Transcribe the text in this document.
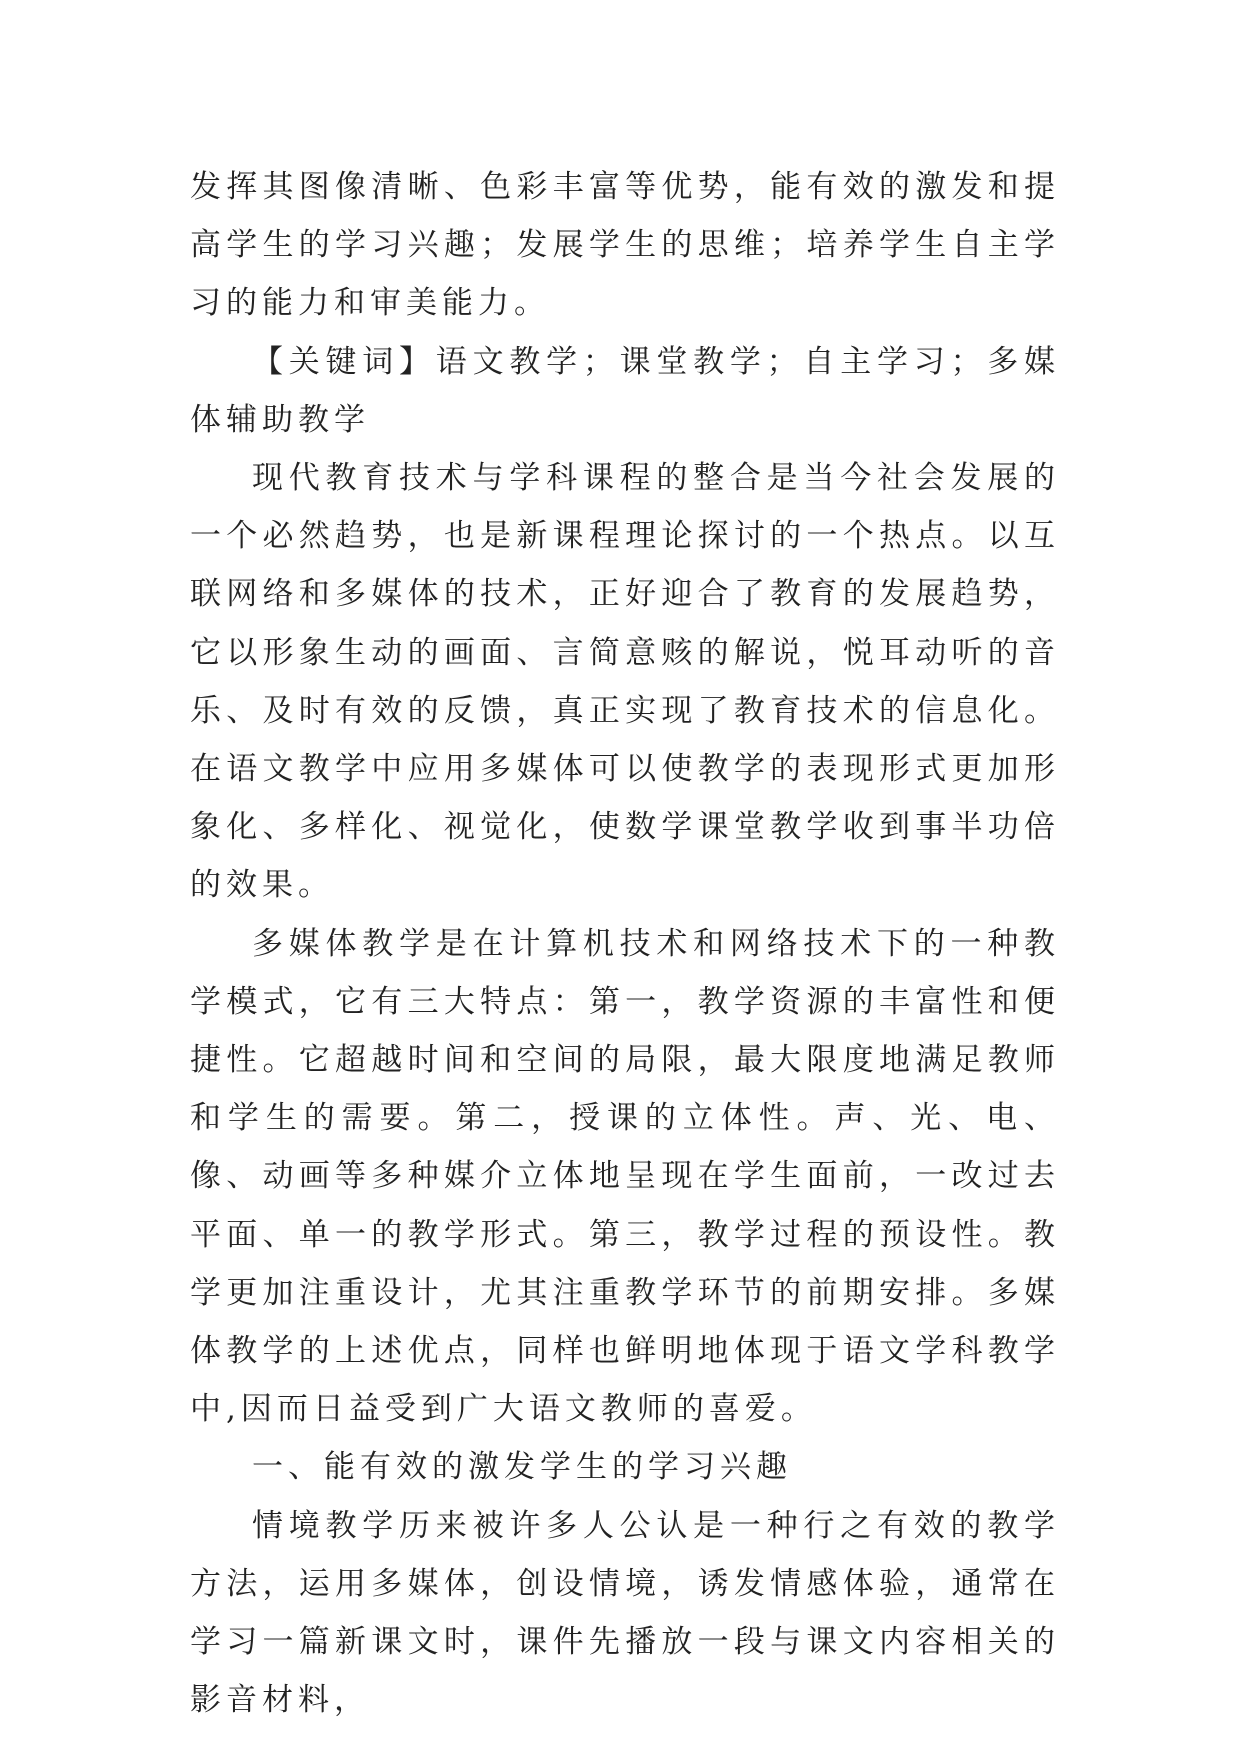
发挥其图像清晰、色彩丰富等优势，能有效的激发和提高学生的学习兴趣；发展学生的思维；培养学生自主学习的能力和审美能力。

【关键词】语文教学；课堂教学；自主学习；多媒体辅助教学

现代教育技术与学科课程的整合是当今社会发展的一个必然趋势，也是新课程理论探讨的一个热点。以互联网络和多媒体的技术，正好迎合了教育的发展趋势，它以形象生动的画面、言简意赅的解说，悦耳动听的音乐、及时有效的反馈，真正实现了教育技术的信息化。在语文教学中应用多媒体可以使教学的表现形式更加形象化、多样化、视觉化，使数学课堂教学收到事半功倍的效果。

多媒体教学是在计算机技术和网络技术下的一种教学模式，它有三大特点：第一，教学资源的丰富性和便捷性。它超越时间和空间的局限，最大限度地满足教师和学生的需要。第二，授课的立体性。声、光、电、像、动画等多种媒介立体地呈现在学生面前，一改过去平面、单一的教学形式。第三，教学过程的预设性。教学更加注重设计，尤其注重教学环节的前期安排。多媒体教学的上述优点，同样也鲜明地体现于语文学科教学中,因而日益受到广大语文教师的喜爱。

一、能有效的激发学生的学习兴趣

情境教学历来被许多人公认是一种行之有效的教学方法，运用多媒体，创设情境，诱发情感体验，通常在学习一篇新课文时，课件先播放一段与课文内容相关的影音材料，
